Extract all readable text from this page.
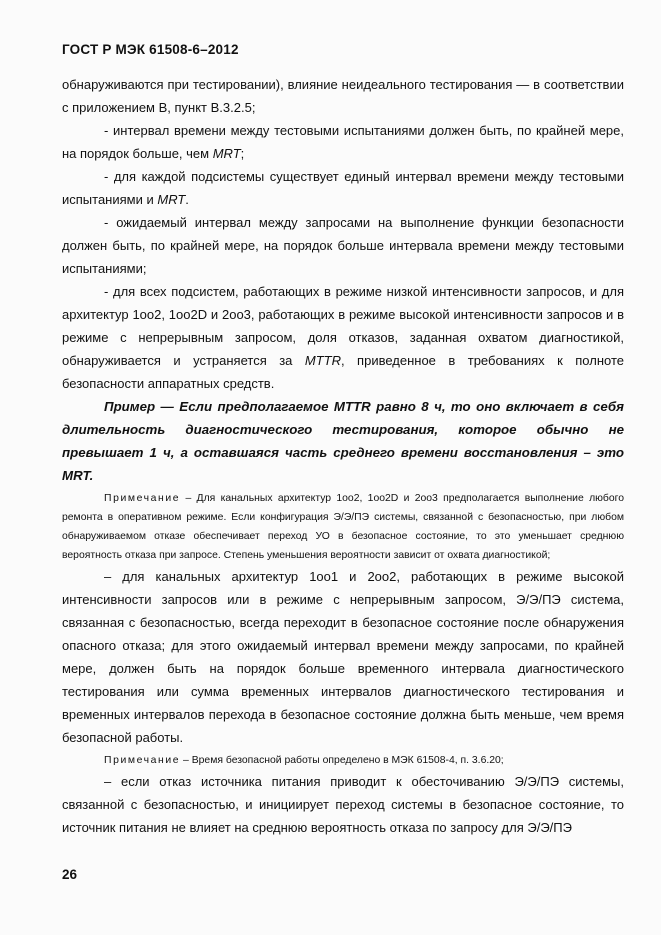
ГОСТ Р МЭК 61508-6–2012

обнаруживаются при тестировании), влияние неидеального тестирования — в соответствии с приложением В, пункт В.3.2.5;

- интервал времени между тестовыми испытаниями должен быть, по крайней мере, на порядок больше, чем MRT;

- для каждой подсистемы существует единый интервал времени между тестовыми испытаниями и MRT.

- ожидаемый интервал между запросами на выполнение функции безопасности должен быть, по крайней мере, на порядок больше интервала времени между тестовыми испытаниями;

- для всех подсистем, работающих в режиме низкой интенсивности запросов, и для архитектур 1оо2, 1оо2D и 2оо3, работающих в режиме высокой интенсивности запросов и в режиме с непрерывным запросом, доля отказов, заданная охватом диагностикой, обнаруживается и устраняется за MTTR, приведенное в требованиях к полноте безопасности аппаратных средств.

Пример — Если предполагаемое MTTR равно 8 ч, то оно включает в себя длительность диагностического тестирования, которое обычно не превышает 1 ч, а оставшаяся часть среднего времени восстановления – это MRT.

Примечание – Для канальных архитектур 1оо2, 1оо2D и 2оо3 предполагается выполнение любого ремонта в оперативном режиме. Если конфигурация Э/Э/ПЭ системы, связанной с безопасностью, при любом обнаруживаемом отказе обеспечивает переход УО в безопасное состояние, то это уменьшает среднюю вероятность отказа при запросе. Степень уменьшения вероятности зависит от охвата диагностикой;

– для канальных архитектур 1оо1 и 2оо2, работающих в режиме высокой интенсивности запросов или в режиме с непрерывным запросом, Э/Э/ПЭ система, связанная с безопасностью, всегда переходит в безопасное состояние после обнаружения опасного отказа; для этого ожидаемый интервал времени между запросами, по крайней мере, должен быть на порядок больше временного интервала диагностического тестирования или сумма временных интервалов диагностического тестирования и временных интервалов перехода в безопасное состояние должна быть меньше, чем время безопасной работы.

Примечание – Время безопасной работы определено в МЭК 61508-4, п. 3.6.20;

– если отказ источника питания приводит к обесточиванию Э/Э/ПЭ системы, связанной с безопасностью, и инициирует переход системы в безопасное состояние, то источник питания не влияет на среднюю вероятность отказа по запросу для Э/Э/ПЭ

26
